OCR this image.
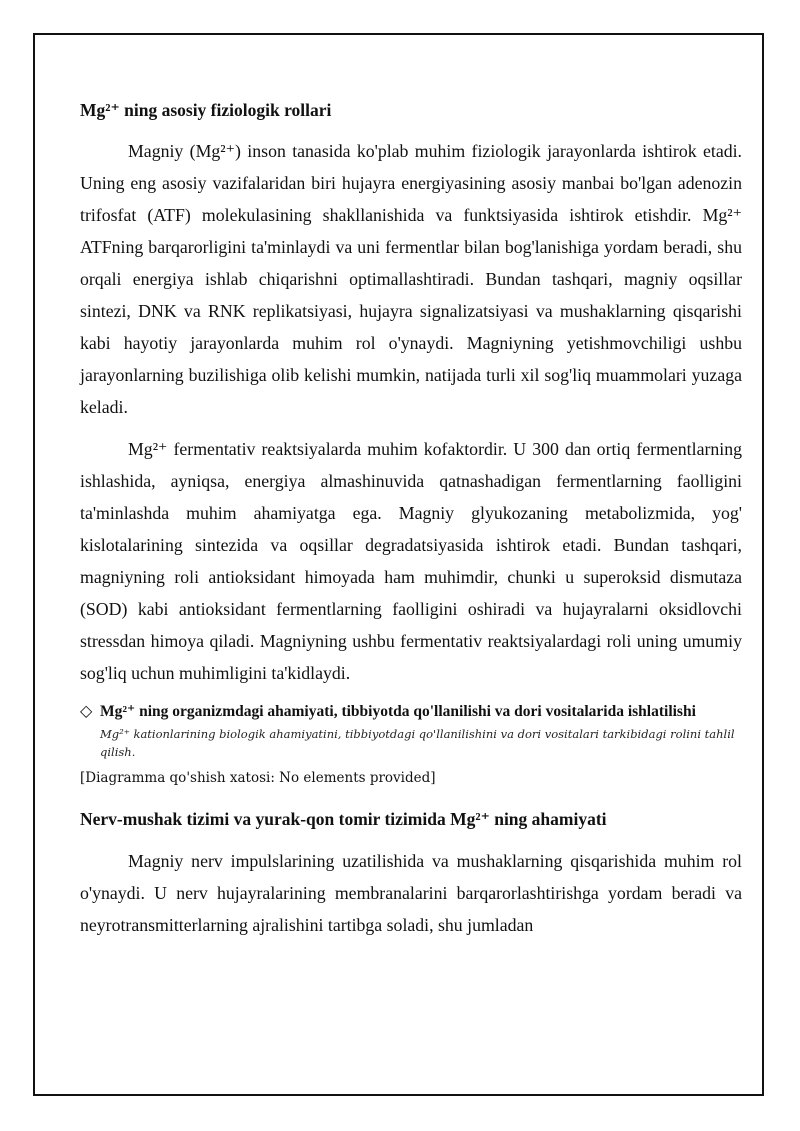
Mg²⁺ ning asosiy fiziologik rollari

Magniy (Mg²⁺) inson tanasida ko'plab muhim fiziologik jarayonlarda ishtirok etadi. Uning eng asosiy vazifalaridan biri hujayra energiyasining asosiy manbai bo'lgan adenozin trifosfat (ATF) molekulasining shakllanishida va funktsiyasida ishtirok etishdir. Mg²⁺ ATFning barqarorligini ta'minlaydi va uni fermentlar bilan bog'lanishiga yordam beradi, shu orqali energiya ishlab chiqarishni optimallashtiradi. Bundan tashqari, magniy oqsillar sintezi, DNK va RNK replikatsiyasi, hujayra signalizatsiyasi va mushaklarning qisqarishi kabi hayotiy jarayonlarda muhim rol o'ynaydi. Magniyning yetishmovchiligi ushbu jarayonlarning buzilishiga olib kelishi mumkin, natijada turli xil sog'liq muammolari yuzaga keladi.

Mg²⁺ fermentativ reaktsiyalarda muhim kofaktordir. U 300 dan ortiq fermentlarning ishlashida, ayniqsa, energiya almashinuvida qatnashadigan fermentlarning faolligini ta'minlashda muhim ahamiyatga ega. Magniy glyukozaning metabolizmida, yog' kislotalarining sintezida va oqsillar degradatsiyasida ishtirok etadi. Bundan tashqari, magniyning roli antioksidant himoyada ham muhimdir, chunki u superoksid dismutaza (SOD) kabi antioksidant fermentlarning faolligini oshiradi va hujayralarni oksidlovchi stressdan himoya qiladi. Magniyning ushbu fermentativ reaktsiyalardagi roli uning umumiy sog'liq uchun muhimligini ta'kidlaydi.

◇ Mg²⁺ ning organizmdagi ahamiyati, tibbiyotda qo'llanilishi va dori vositalarida ishlatilishi
Mg²⁺ kationlarining biologik ahamiyatini, tibbiyotdagi qo'llanilishini va dori vositalari tarkibidagi rolini tahlil qilish.
[Diagramma qo'shish xatosi: No elements provided]
Nerv-mushak tizimi va yurak-qon tomir tizimida Mg²⁺ ning ahamiyati

Magniy nerv impulslarining uzatilishida va mushaklarning qisqarishida muhim rol o'ynaydi. U nerv hujayralarining membranalarini barqarorlashtirishga yordam beradi va neyrotransmitterlarning ajralishini tartibga soladi, shu jumladan
